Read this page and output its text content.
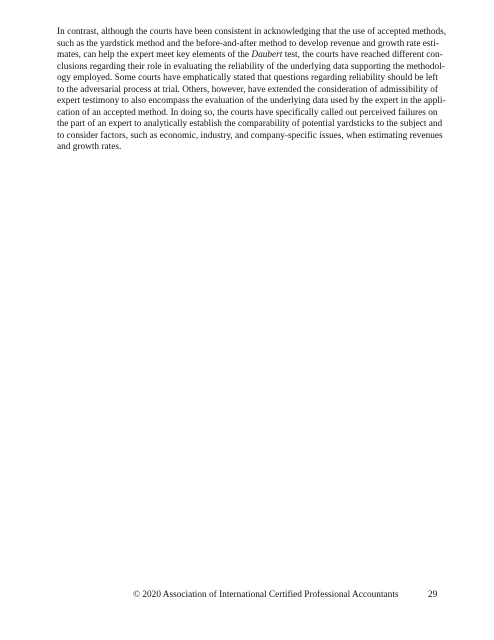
In contrast, although the courts have been consistent in acknowledging that the use of accepted methods,
such as the yardstick method and the before-and-after method to develop revenue and growth rate esti-
mates, can help the expert meet key elements of the Daubert test, the courts have reached different con-
clusions regarding their role in evaluating the reliability of the underlying data supporting the methodol-
ogy employed. Some courts have emphatically stated that questions regarding reliability should be left
to the adversarial process at trial. Others, however, have extended the consideration of admissibility of
expert testimony to also encompass the evaluation of the underlying data used by the expert in the appli-
cation of an accepted method. In doing so, the courts have specifically called out perceived failures on
the part of an expert to analytically establish the comparability of potential yardsticks to the subject and
to consider factors, such as economic, industry, and company-specific issues, when estimating revenues
and growth rates.

© 2020 Association of International Certified Professional Accountants	29
